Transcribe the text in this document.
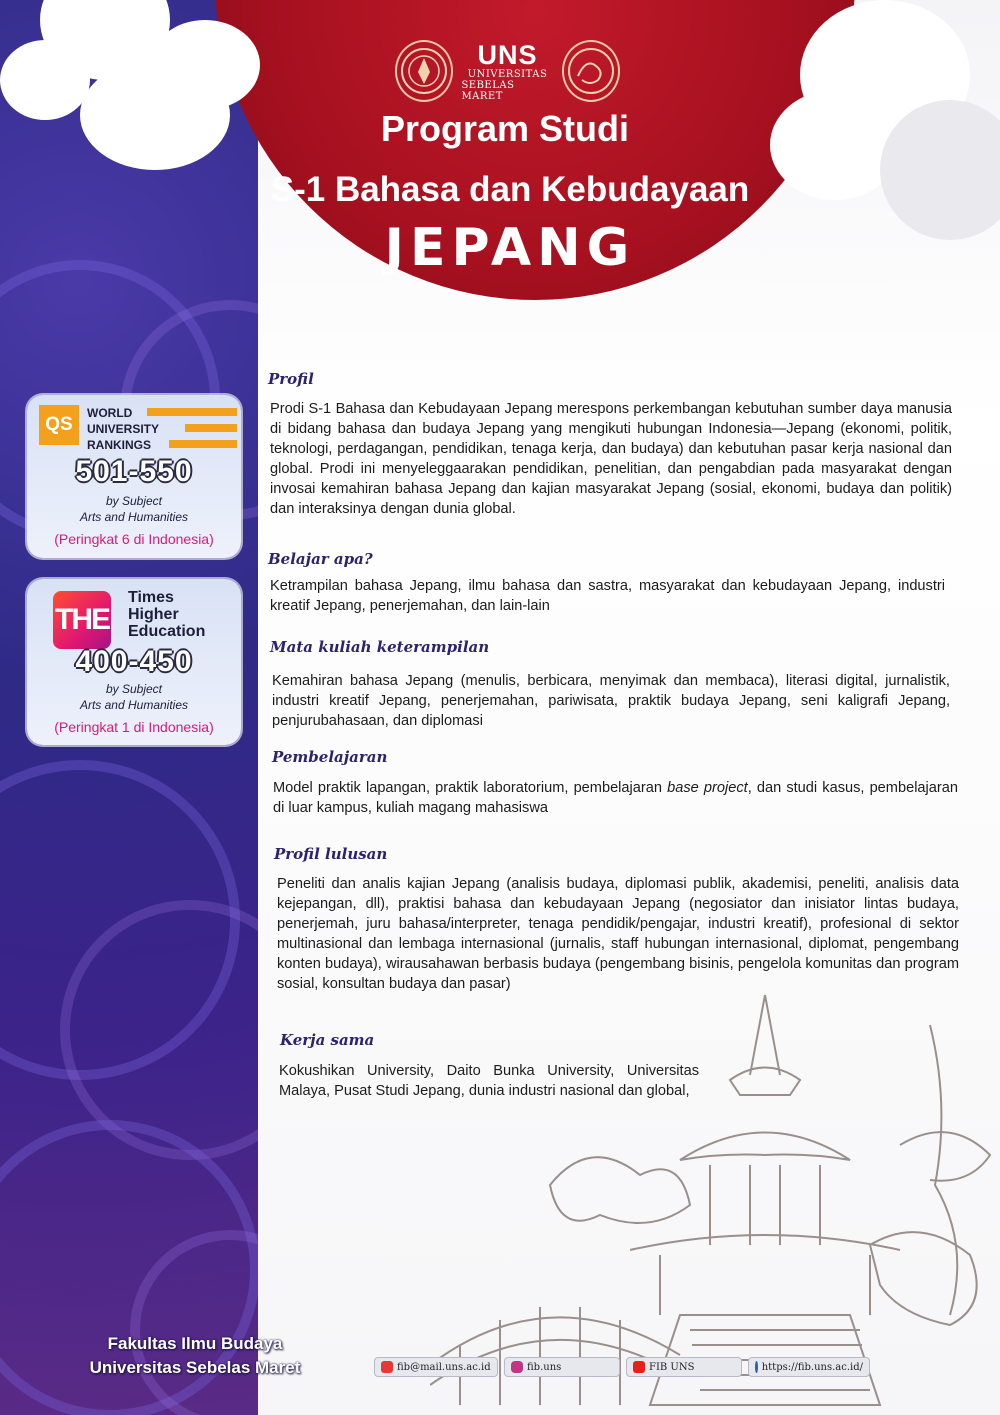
UNS
UNIVERSITAS
SEBELAS MARET
Program Studi
S-1 Bahasa dan Kebudayaan
JEPANG
QS
WORLD
UNIVERSITY
RANKINGS
501-550
by Subject
Arts and Humanities
(Peringkat 6 di Indonesia)
THE
Times
Higher
Education
400-450
by Subject
Arts and Humanities
(Peringkat 1 di Indonesia)
Profil
Prodi S-1 Bahasa dan Kebudayaan Jepang merespons perkembangan kebutuhan sumber daya manusia di bidang bahasa dan budaya Jepang yang mengikuti hubungan Indonesia—Jepang (ekonomi, politik, teknologi, perdagangan, pendidikan, tenaga kerja, dan budaya) dan kebutuhan pasar kerja nasional dan global. Prodi ini menyeleggaarakan pendidikan, penelitian, dan pengabdian pada masyarakat dengan invosai kemahiran bahasa Jepang dan kajian masyarakat Jepang (sosial, ekonomi, budaya dan politik) dan interaksinya dengan dunia global.
Belajar apa?
Ketrampilan bahasa Jepang, ilmu bahasa dan sastra, masyarakat dan kebudayaan Jepang, industri kreatif Jepang, penerjemahan, dan lain-lain
Mata kuliah keterampilan
Kemahiran bahasa Jepang (menulis, berbicara, menyimak dan membaca), literasi digital, jurnalistik, industri kreatif Jepang, penerjemahan, pariwisata, praktik budaya Jepang, seni kaligrafi Jepang, penjurubahasaan, dan diplomasi
Pembelajaran
Model praktik lapangan, praktik laboratorium, pembelajaran base project, dan studi kasus, pembelajaran di luar kampus, kuliah magang mahasiswa
Profil lulusan
Peneliti dan analis kajian Jepang (analisis budaya, diplomasi publik, akademisi, peneliti, analisis data kejepangan, dll), praktisi bahasa dan kebudayaan Jepang (negosiator dan inisiator lintas budaya, penerjemah, juru bahasa/interpreter, tenaga pendidik/pengajar, industri kreatif), profesional di sektor multinasional dan lembaga internasional (jurnalis, staff hubungan internasional, diplomat, pengembang konten budaya), wirausahawan berbasis budaya (pengembang bisinis, pengelola komunitas dan program sosial, konsultan budaya dan pasar)
Kerja sama
Kokushikan University, Daito Bunka University, Universitas Malaya, Pusat Studi Jepang, dunia industri nasional dan global,
Fakultas Ilmu Budaya
Universitas Sebelas Maret	fib@mail.uns.ac.id	fib.uns	FIB UNS	https://fib.uns.ac.id/
